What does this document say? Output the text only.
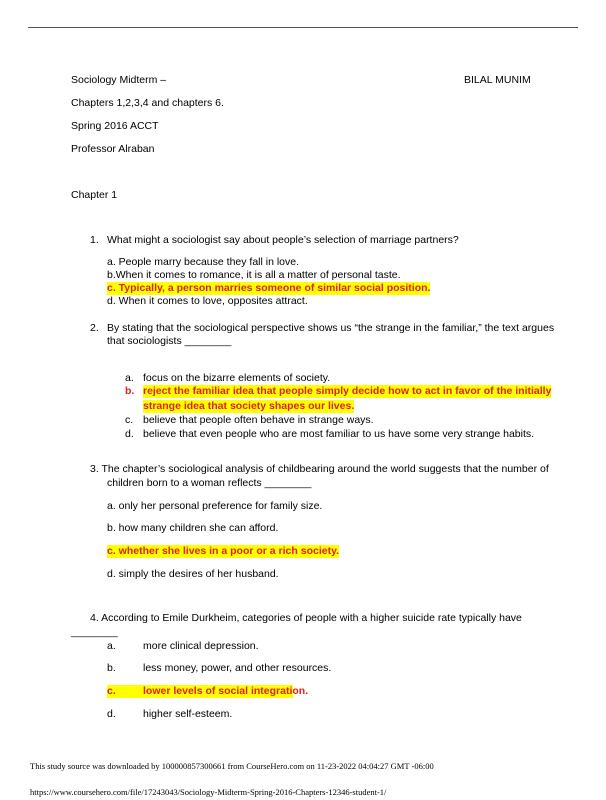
Sociology Midterm –	BILAL MUNIM
Chapters 1,2,3,4 and chapters 6.
Spring 2016 ACCT
Professor Alraban
Chapter 1
1. What might a sociologist say about people’s selection of marriage partners?
a. People marry because they fall in love.
b.When it comes to romance, it is all a matter of personal taste.
c. Typically, a person marries someone of similar social position.
d. When it comes to love, opposites attract.
2. By stating that the sociological perspective shows us “the strange in the familiar,” the text argues
that sociologists ________
a. focus on the bizarre elements of society.
b. reject the familiar idea that people simply decide how to act in favor of the initially
strange idea that society shapes our lives.
c. believe that people often behave in strange ways.
d. believe that even people who are most familiar to us have some very strange habits.
3. The chapter’s sociological analysis of childbearing around the world suggests that the number of
children born to a woman reflects ________
a. only her personal preference for family size.
b. how many children she can afford.
c. whether she lives in a poor or a rich society.
d. simply the desires of her husband.
4. According to Emile Durkheim, categories of people with a higher suicide rate typically have
________
a.	more clinical depression.
b.	less money, power, and other resources.
c.	lower levels of social integration.
d.	higher self-esteem.
This study source was downloaded by 100000857300661 from CourseHero.com on 11-23-2022 04:04:27 GMT -06:00
https://www.coursehero.com/file/17243043/Sociology-Midterm-Spring-2016-Chapters-12346-student-1/
